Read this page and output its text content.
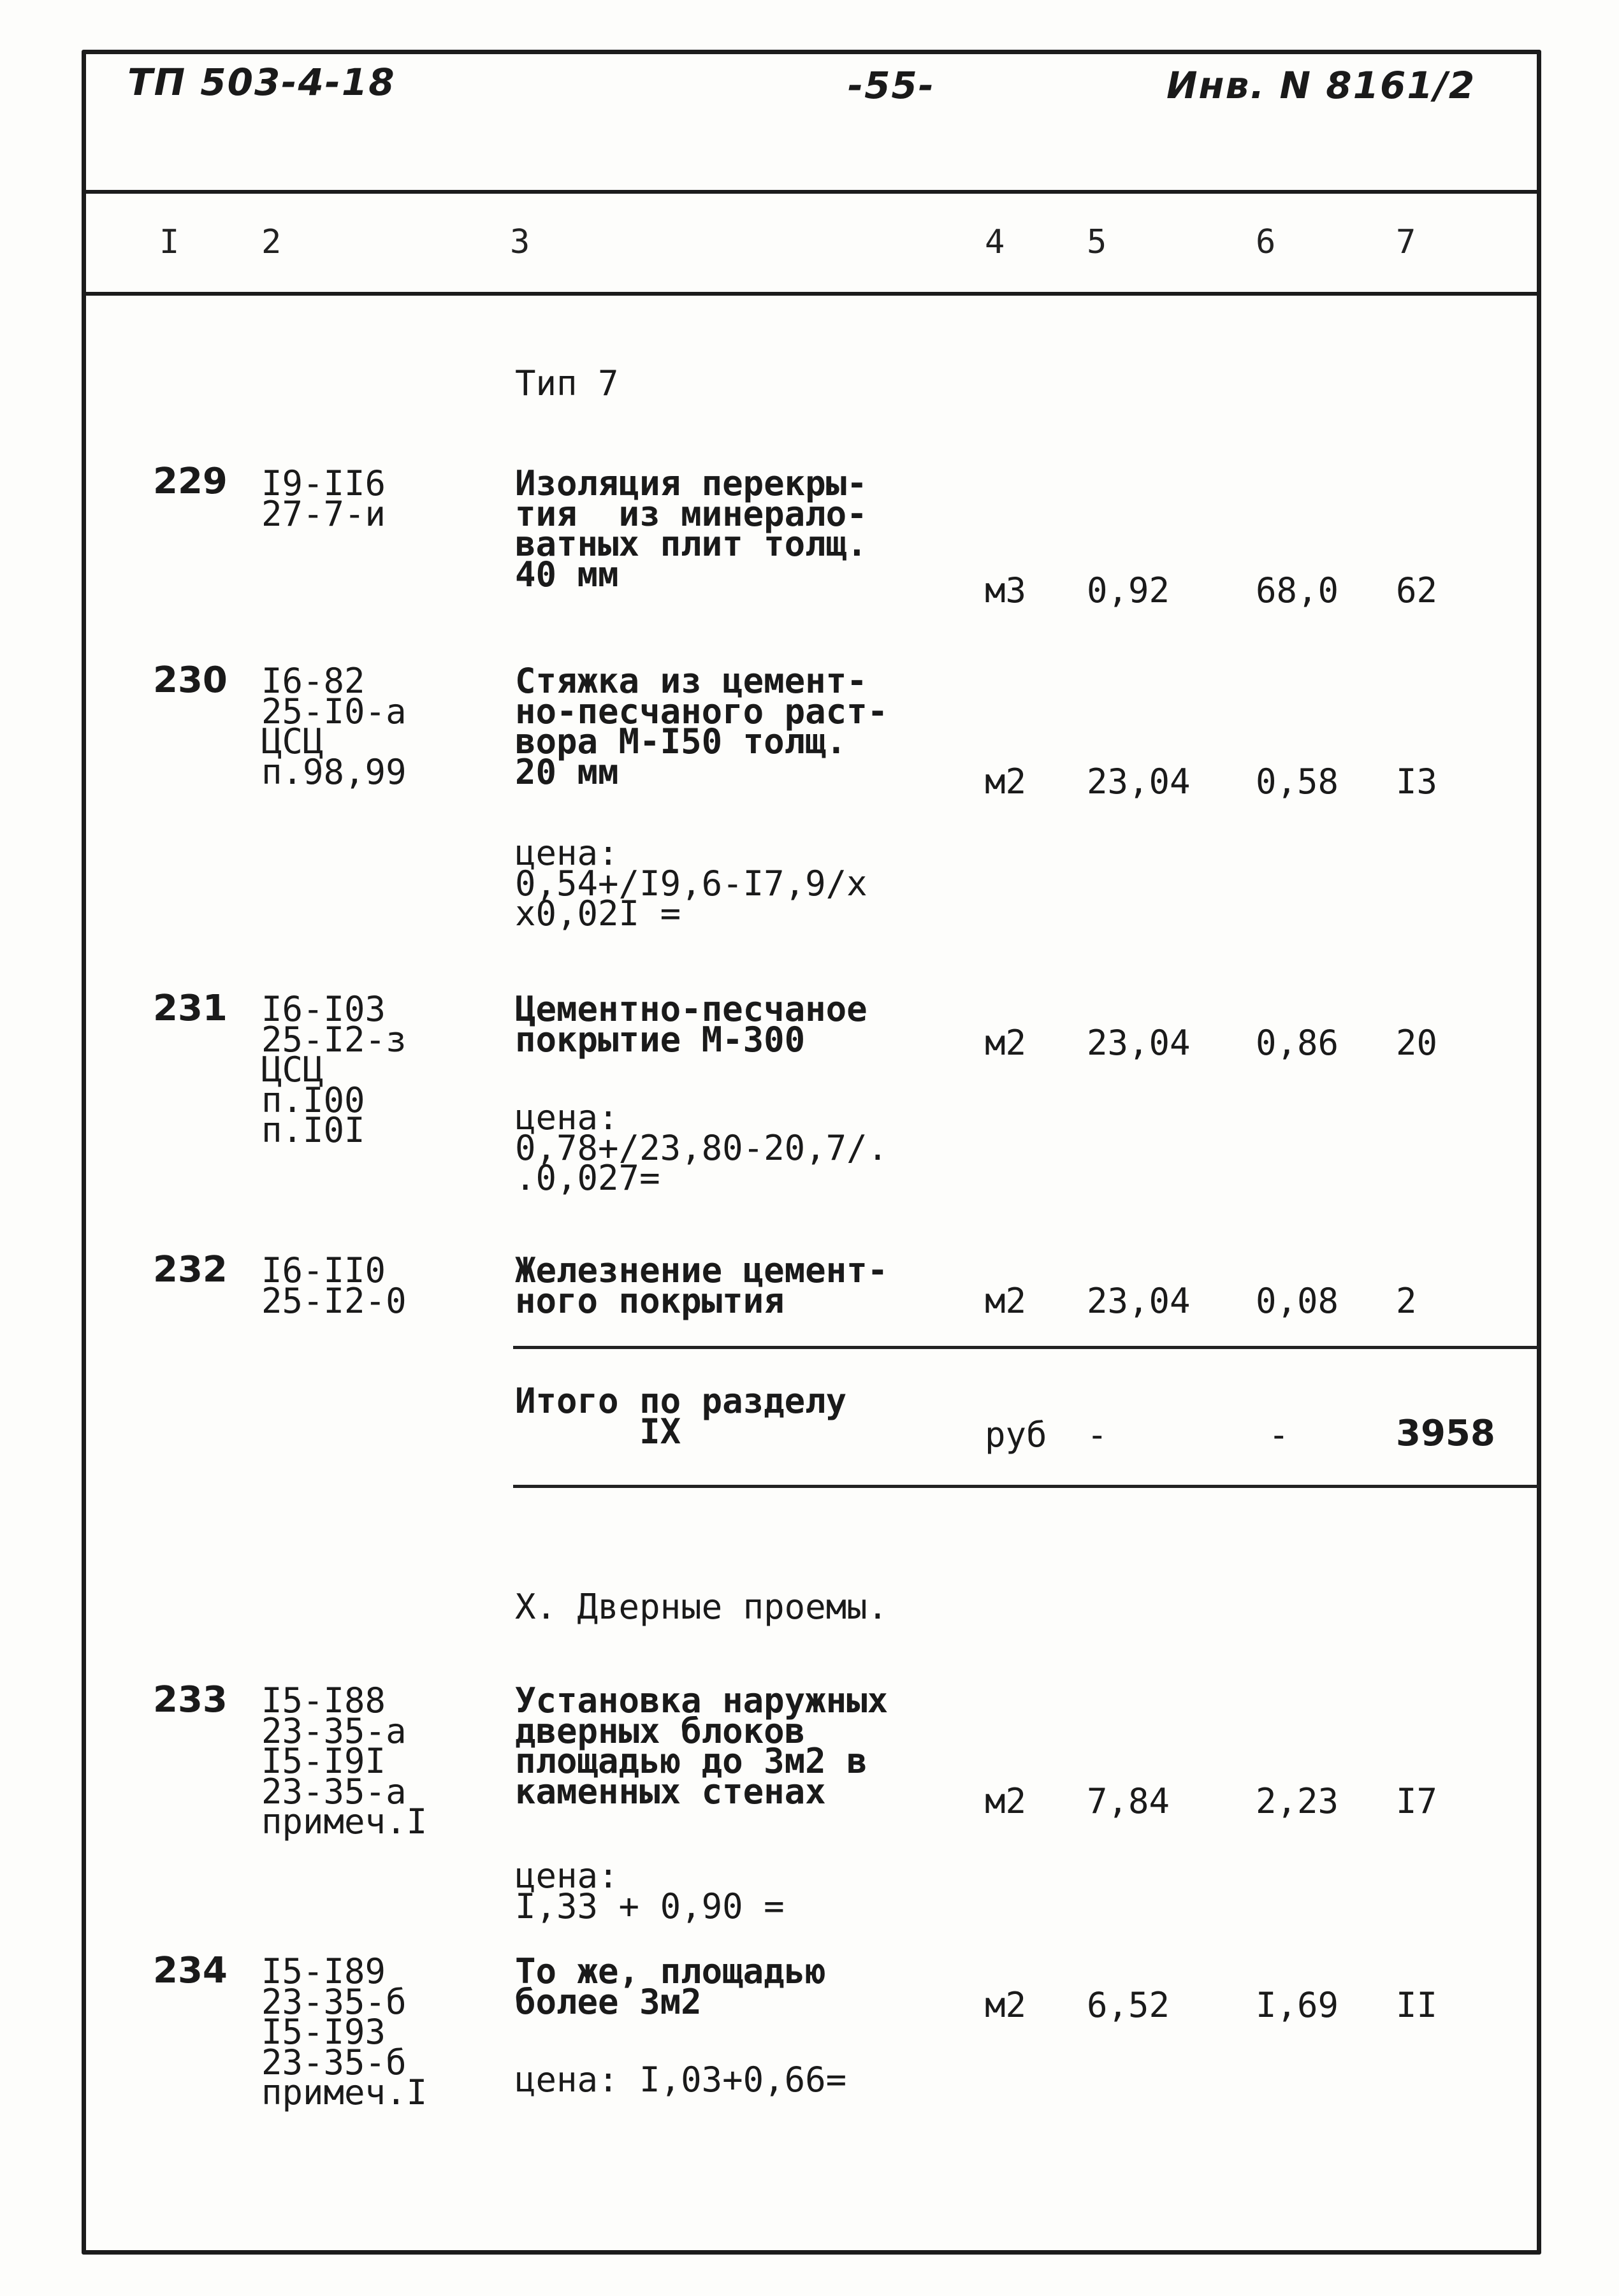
ТП 503-4-18	-55-	Инв. N 8161/2
I 2	3	4 5	6	7
Тип 7
229 I9-II6
27-7-и
Изоляция перекры-
тия  из минерало-
ватных плит толщ.
40 мм	м3 0,92 68,0 62
230 I6-82
25-I0-а
ЦСЦ
п.98,99
Стяжка из цемент-
но-песчаного раст-
вора М-I50 толщ.
20 мм	м2 23,04 0,58 I3
цена:
0,54+/I9,6-I7,9/х
х0,02I =
231 I6-I03
25-I2-з
ЦСЦ
п.I00
п.I0I
Цементно-песчаное
покрытие М-300	м2 23,04 0,86 20
цена:
0,78+/23,80-20,7/.
.0,027=
232 I6-II0
25-I2-0
Железнение цемент-
ного покрытия	м2 23,04 0,08 2
Итого по разделу
IX	руб -	-	3958
Х. Дверные проемы.
233 I5-I88
23-35-а
I5-I9I
23-35-а
примеч.I
Установка наружных
дверных блоков
площадью до 3м2 в
каменных стенах	м2 7,84 2,23 I7
цена:
I,33 + 0,90 =
234 I5-I89
23-35-б
I5-I93
23-35-б
примеч.I
То же, площадью
более 3м2	м2 6,52 I,69 II
цена: I,03+0,66=
